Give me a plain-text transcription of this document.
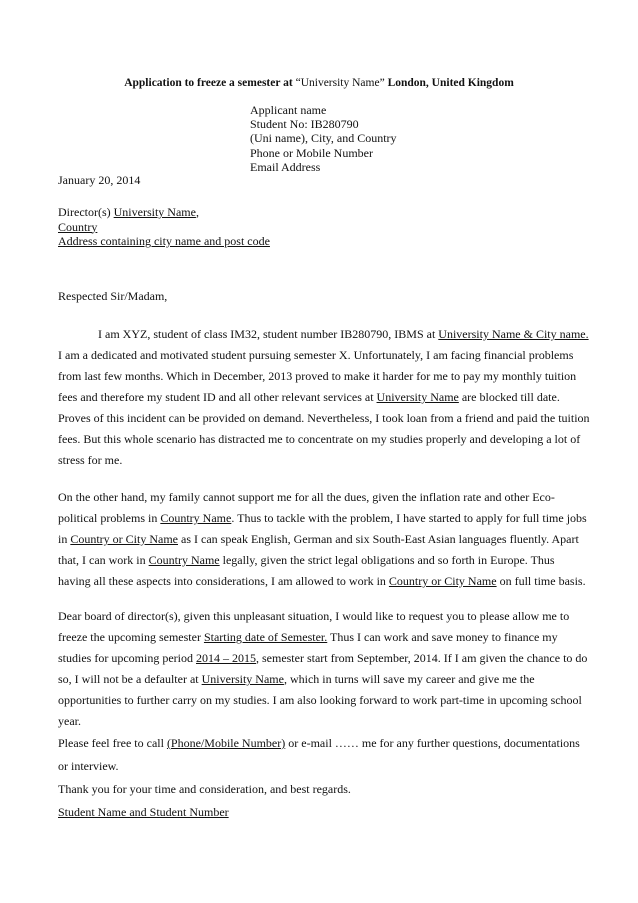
Application to freeze a semester at “University Name” London, United Kingdom
Applicant name
Student No: IB280790
(Uni name), City, and Country
Phone or Mobile Number
Email Address
January 20, 2014
Director(s) University Name,
Country
Address containing city name and post code
Respected Sir/Madam,
I am XYZ, student of class IM32, student number IB280790, IBMS at University Name & City name.
I am a dedicated and motivated student pursuing semester X. Unfortunately, I am facing financial problems
from last few months. Which in December, 2013 proved to make it harder for me to pay my monthly tuition
fees and therefore my student ID and all other relevant services at University Name are blocked till date.
Proves of this incident can be provided on demand. Nevertheless, I took loan from a friend and paid the tuition
fees. But this whole scenario has distracted me to concentrate on my studies properly and developing a lot of
stress for me.
On the other hand, my family cannot support me for all the dues, given the inflation rate and other Eco-
political problems in Country Name. Thus to tackle with the problem, I have started to apply for full time jobs
in Country or City Name as I can speak English, German and six South-East Asian languages fluently. Apart
that, I can work in Country Name legally, given the strict legal obligations and so forth in Europe. Thus
having all these aspects into considerations, I am allowed to work in Country or City Name on full time basis.
Dear board of director(s), given this unpleasant situation, I would like to request you to please allow me to
freeze the upcoming semester Starting date of Semester. Thus I can work and save money to finance my
studies for upcoming period 2014 – 2015, semester start from September, 2014. If I am given the chance to do
so, I will not be a defaulter at University Name, which in turns will save my career and give me the
opportunities to further carry on my studies. I am also looking forward to work part-time in upcoming school
year.
Please feel free to call (Phone/Mobile Number) or e-mail …… me for any further questions, documentations
or interview.
Thank you for your time and consideration, and best regards.
Student Name and Student Number
